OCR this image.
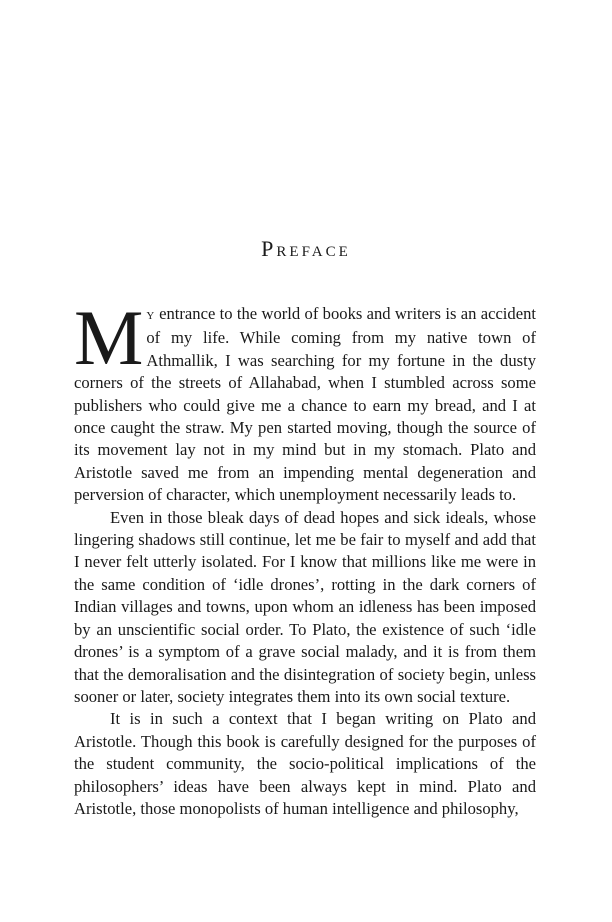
Preface

M Y entrance to the world of books and writers is an accident of my life. While coming from my native town of Athmallik, I was searching for my fortune in the dusty corners of the streets of Allahabad, when I stumbled across some publishers who could give me a chance to earn my bread, and I at once caught the straw. My pen started moving, though the source of its movement lay not in my mind but in my stomach. Plato and Aristotle saved me from an impending mental degeneration and perversion of character, which unemployment necessarily leads to.

Even in those bleak days of dead hopes and sick ideals, whose lingering shadows still continue, let me be fair to myself and add that I never felt utterly isolated. For I know that millions like me were in the same condition of ‘idle drones’, rotting in the dark corners of Indian villages and towns, upon whom an idleness has been imposed by an unscientific social order. To Plato, the existence of such ‘idle drones’ is a symptom of a grave social malady, and it is from them that the demoralisation and the disintegration of society begin, unless sooner or later, society integrates them into its own social texture.

It is in such a context that I began writing on Plato and Aristotle. Though this book is carefully designed for the purposes of the student community, the socio-political implications of the philosophers’ ideas have been always kept in mind. Plato and Aristotle, those monopolists of human intelligence and philosophy,
